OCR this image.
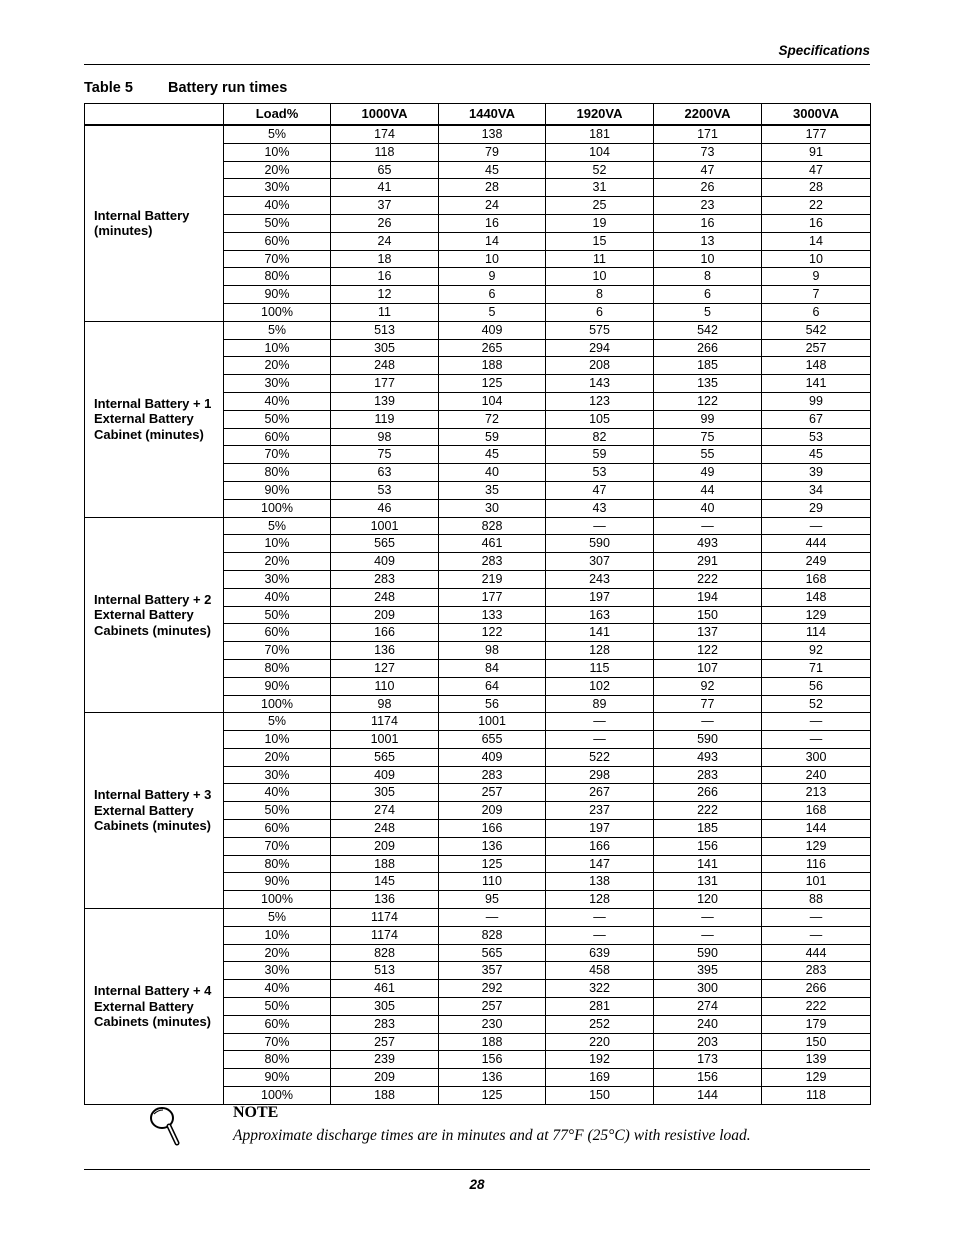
Specifications
Table 5 Battery run times
	Load%	1000VA	1440VA	1920VA	2200VA	3000VA
Internal Battery (minutes)	5%	174	138	181	171	177
	10%	118	79	104	73	91
	20%	65	45	52	47	47
	30%	41	28	31	26	28
	40%	37	24	25	23	22
	50%	26	16	19	16	16
	60%	24	14	15	13	14
	70%	18	10	11	10	10
	80%	16	9	10	8	9
	90%	12	6	8	6	7
	100%	11	5	6	5	6
Internal Battery + 1 External Battery Cabinet (minutes)	5%	513	409	575	542	542
	10%	305	265	294	266	257
	20%	248	188	208	185	148
	30%	177	125	143	135	141
	40%	139	104	123	122	99
	50%	119	72	105	99	67
	60%	98	59	82	75	53
	70%	75	45	59	55	45
	80%	63	40	53	49	39
	90%	53	35	47	44	34
	100%	46	30	43	40	29
Internal Battery + 2 External Battery Cabinets (minutes)	5%	1001	828	—	—	—
	10%	565	461	590	493	444
	20%	409	283	307	291	249
	30%	283	219	243	222	168
	40%	248	177	197	194	148
	50%	209	133	163	150	129
	60%	166	122	141	137	114
	70%	136	98	128	122	92
	80%	127	84	115	107	71
	90%	110	64	102	92	56
	100%	98	56	89	77	52
Internal Battery + 3 External Battery Cabinets (minutes)	5%	1174	1001	—	—	—
	10%	1001	655	—	590	—
	20%	565	409	522	493	300
	30%	409	283	298	283	240
	40%	305	257	267	266	213
	50%	274	209	237	222	168
	60%	248	166	197	185	144
	70%	209	136	166	156	129
	80%	188	125	147	141	116
	90%	145	110	138	131	101
	100%	136	95	128	120	88
Internal Battery + 4 External Battery Cabinets (minutes)	5%	1174	—	—	—	—
	10%	1174	828	—	—	—
	20%	828	565	639	590	444
	30%	513	357	458	395	283
	40%	461	292	322	300	266
	50%	305	257	281	274	222
	60%	283	230	252	240	179
	70%	257	188	220	203	150
	80%	239	156	192	173	139
	90%	209	136	169	156	129
	100%	188	125	150	144	118
NOTE
Approximate discharge times are in minutes and at 77°F (25°C) with resistive load.
28
